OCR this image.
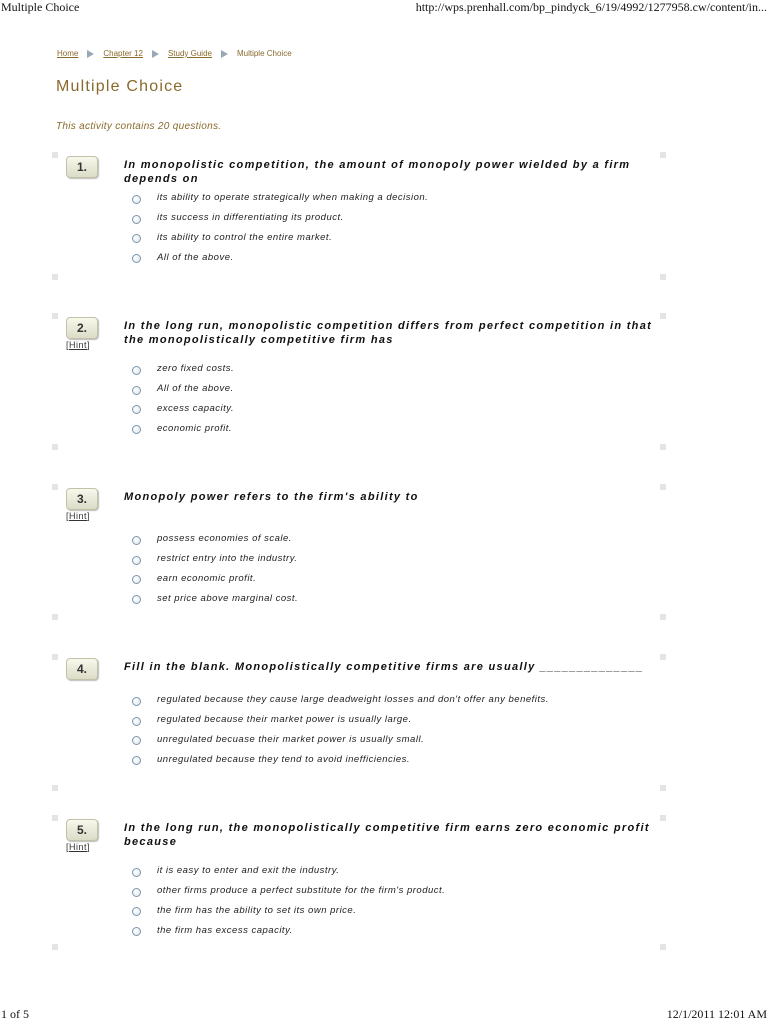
Multiple Choice	http://wps.prenhall.com/bp_pindyck_6/19/4992/1277958.cw/content/in...
Home	Chapter 12	Study Guide	Multiple Choice
Multiple Choice
This activity contains 20 questions.
1.	In monopolistic competition, the amount of monopoly power wielded by a firm depends on
its ability to operate strategically when making a decision.
its success in differentiating its product.
its ability to control the entire market.
All of the above.
2.
[Hint]
In the long run, monopolistic competition differs from perfect competition in that the monopolistically competitive firm has
zero fixed costs.
All of the above.
excess capacity.
economic profit.
3.
[Hint]
Monopoly power refers to the firm's ability to
possess economies of scale.
restrict entry into the industry.
earn economic profit.
set price above marginal cost.
4.	Fill in the blank. Monopolistically competitive firms are usually ______________
regulated because they cause large deadweight losses and don't offer any benefits.
regulated because their market power is usually large.
unregulated becuase their market power is usually small.
unregulated because they tend to avoid inefficiencies.
5.
[Hint]
In the long run, the monopolistically competitive firm earns zero economic profit because
it is easy to enter and exit the industry.
other firms produce a perfect substitute for the firm's product.
the firm has the ability to set its own price.
the firm has excess capacity.
1 of 5	12/1/2011 12:01 AM
